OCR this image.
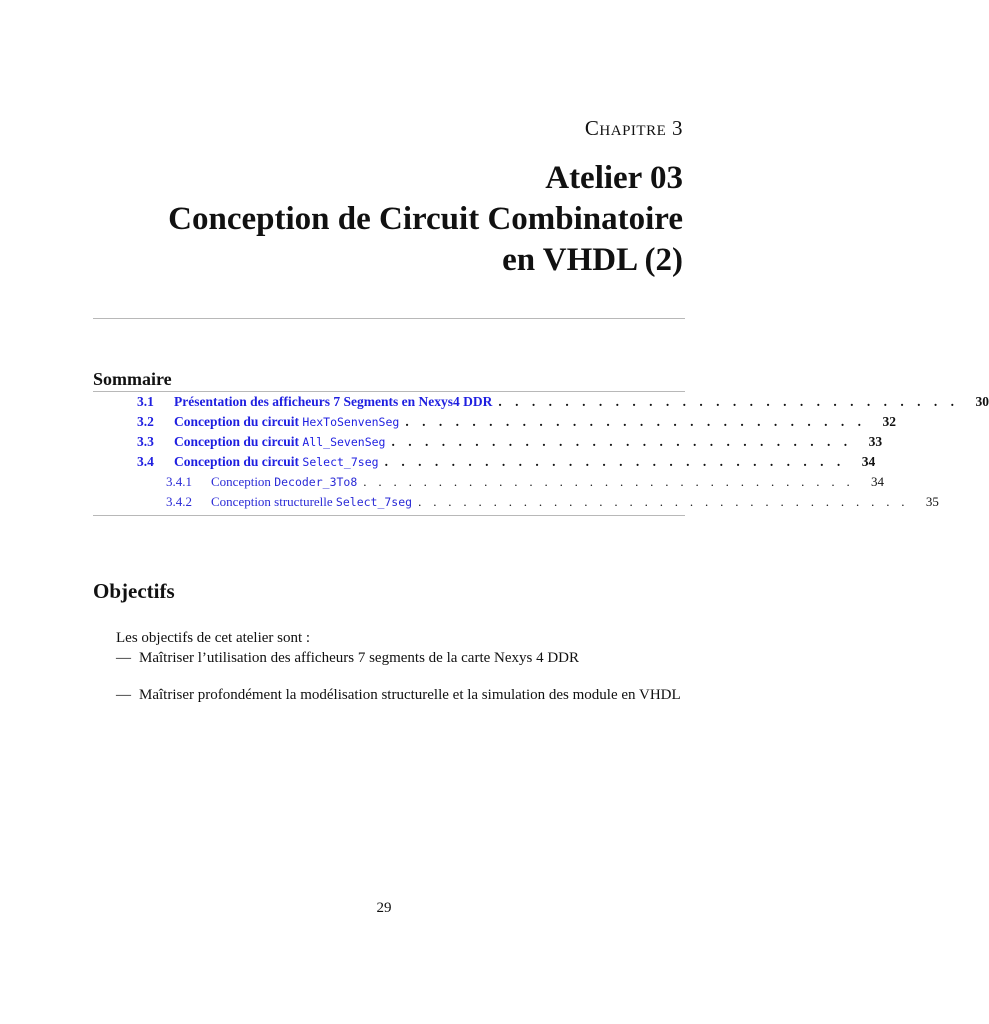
Chapitre 3
Atelier 03
Conception de Circuit Combinatoire
en VHDL (2)
Sommaire
3.1	Présentation des afficheurs 7 Segments en Nexys4 DDR . . . . . . . . . . . . . . . . . . . . . . . . . . . .	30
3.2	Conception du circuit HexToSenvenSeg . . . . . . . . . . . . . . . . . . . . . . . . . . . .	32
3.3	Conception du circuit All_SevenSeg . . . . . . . . . . . . . . . . . . . . . . . . . . . .	33
3.4	Conception du circuit Select_7seg . . . . . . . . . . . . . . . . . . . . . . . . . . . .	34
3.4.1	Conception Decoder_3To8 . . . . . . . . . . . . . . . . . . . . . . . . . . . . . . . . .	34
3.4.2	Conception structurelle Select_7seg . . . . . . . . . . . . . . . . . . . . . . . . . . . . . . . . .	35
Objectifs
Les objectifs de cet atelier sont :
— Maîtriser l’utilisation des afficheurs 7 segments de la carte Nexys 4 DDR
— Maîtriser profondément la modélisation structurelle et la simulation des module en VHDL
29
